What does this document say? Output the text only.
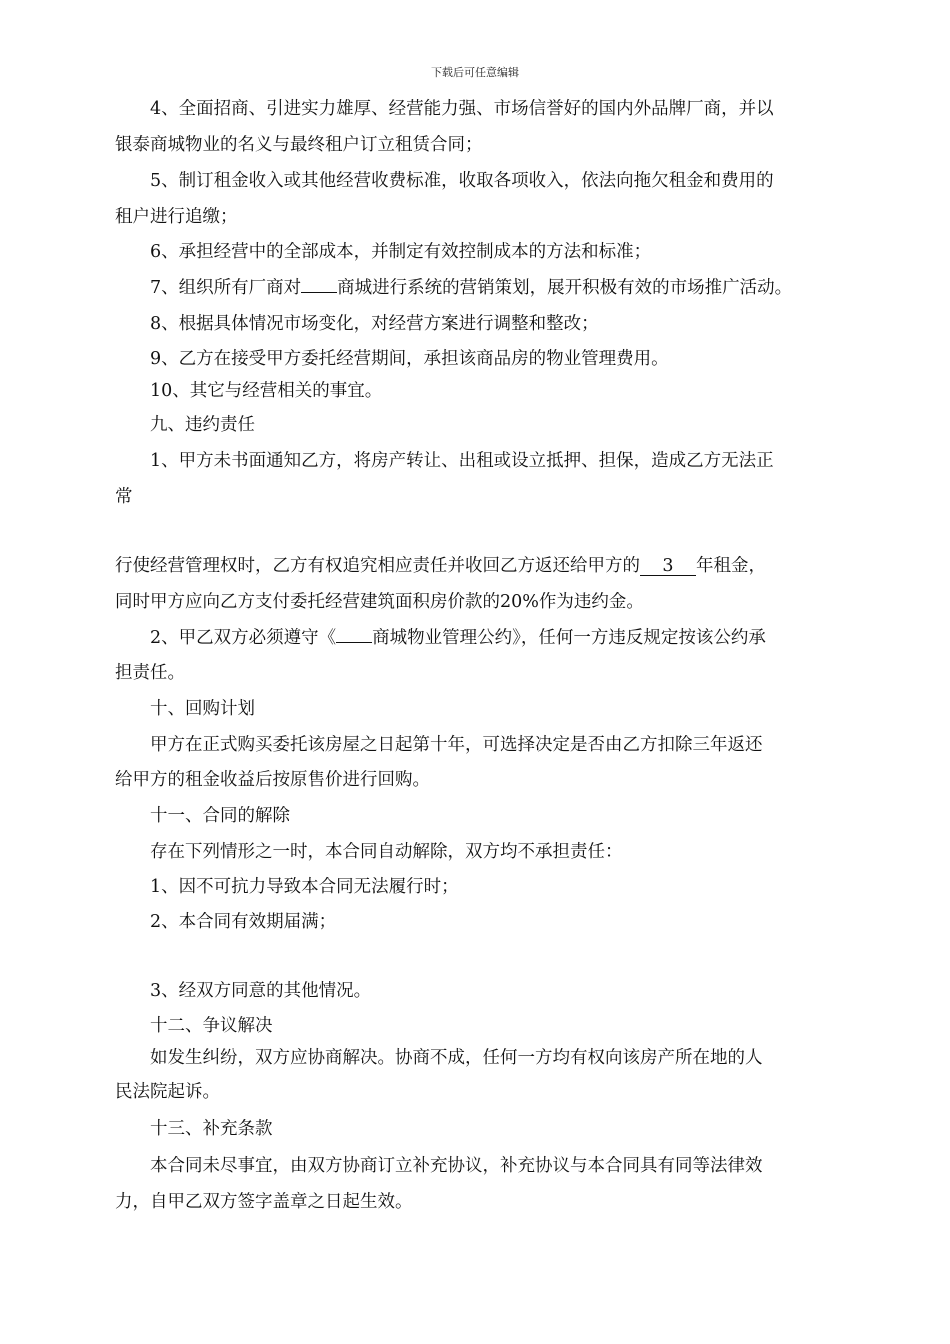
下载后可任意编辑
4、全面招商、引进实力雄厚、经营能力强、市场信誉好的国内外品牌厂商，并以
银泰商城物业的名义与最终租户订立租赁合同；
5、制订租金收入或其他经营收费标准，收取各项收入，依法向拖欠租金和费用的
租户进行追缴；
6、承担经营中的全部成本，并制定有效控制成本的方法和标准；
7、组织所有厂商对 商城进行系统的营销策划，展开积极有效的市场推广活动。
8、根据具体情况市场变化，对经营方案进行调整和整改；
9、乙方在接受甲方委托经营期间，承担该商品房的物业管理费用。
10、其它与经营相关的事宜。
九、违约责任
1、甲方未书面通知乙方，将房产转让、出租或设立抵押、担保，造成乙方无法正
常
行使经营管理权时，乙方有权追究相应责任并收回乙方返还给甲方的 3 年租金，
同时甲方应向乙方支付委托经营建筑面积房价款的20%作为违约金。
2、甲乙双方必须遵守《 商城物业管理公约》，任何一方违反规定按该公约承
担责任。
十、回购计划
甲方在正式购买委托该房屋之日起第十年，可选择决定是否由乙方扣除三年返还
给甲方的租金收益后按原售价进行回购。
十一、合同的解除
存在下列情形之一时，本合同自动解除，双方均不承担责任：
1、因不可抗力导致本合同无法履行时；
2、本合同有效期届满；
3、经双方同意的其他情况。
十二、争议解决
如发生纠纷，双方应协商解决。协商不成，任何一方均有权向该房产所在地的人
民法院起诉。
十三、补充条款
本合同未尽事宜，由双方协商订立补充协议，补充协议与本合同具有同等法律效
力，自甲乙双方签字盖章之日起生效。
